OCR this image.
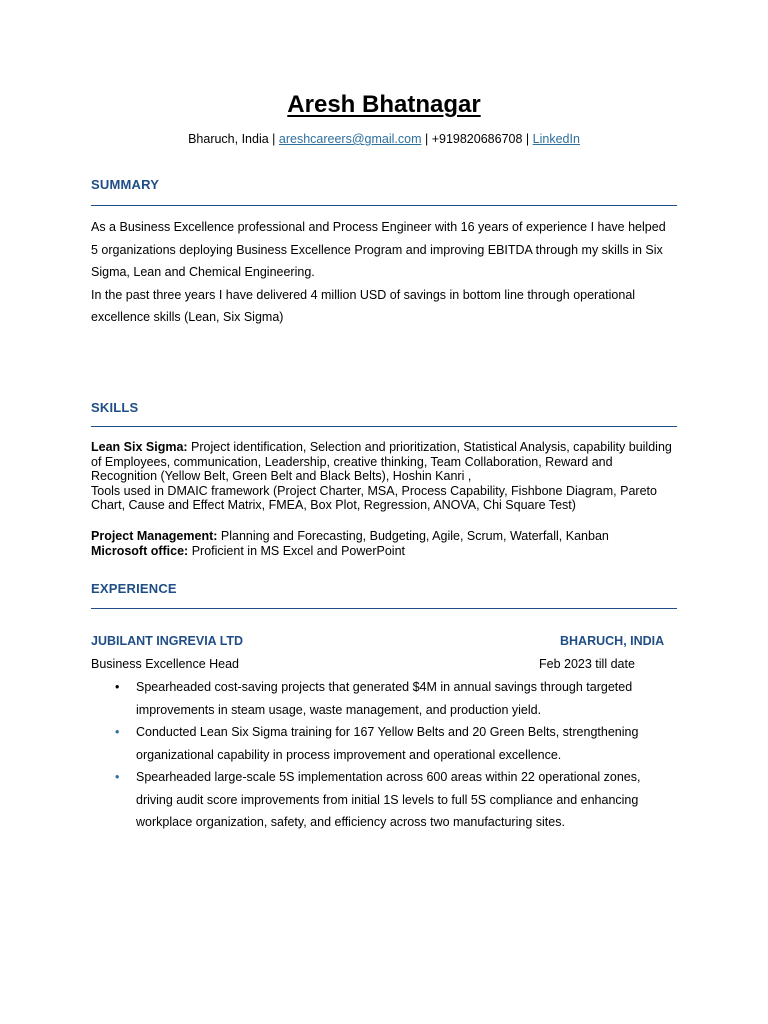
Aresh Bhatnagar
Bharuch, India | areshcareers@gmail.com | +919820686708 | LinkedIn
SUMMARY
As a Business Excellence professional and Process Engineer with 16 years of experience I have helped
5 organizations deploying Business Excellence Program and improving EBITDA through my skills in Six
Sigma, Lean and Chemical Engineering.
In the past three years I have delivered 4 million USD of savings in bottom line through operational
excellence skills (Lean, Six Sigma)
SKILLS
Lean Six Sigma: Project identification, Selection and prioritization, Statistical Analysis, capability building
of Employees, communication, Leadership, creative thinking, Team Collaboration, Reward and
Recognition (Yellow Belt, Green Belt and Black Belts), Hoshin Kanri ,
Tools used in DMAIC framework (Project Charter, MSA, Process Capability, Fishbone Diagram, Pareto
Chart, Cause and Effect Matrix, FMEA, Box Plot, Regression, ANOVA, Chi Square Test)
Project Management: Planning and Forecasting, Budgeting, Agile, Scrum, Waterfall, Kanban
Microsoft office: Proficient in MS Excel and PowerPoint
EXPERIENCE
JUBILANT INGREVIA LTD	BHARUCH, INDIA
Business Excellence Head	Feb 2023 till date
• Spearheaded cost-saving projects that generated $4M in annual savings through targeted
improvements in steam usage, waste management, and production yield.
• Conducted Lean Six Sigma training for 167 Yellow Belts and 20 Green Belts, strengthening
organizational capability in process improvement and operational excellence.
• Spearheaded large-scale 5S implementation across 600 areas within 22 operational zones,
driving audit score improvements from initial 1S levels to full 5S compliance and enhancing
workplace organization, safety, and efficiency across two manufacturing sites.
